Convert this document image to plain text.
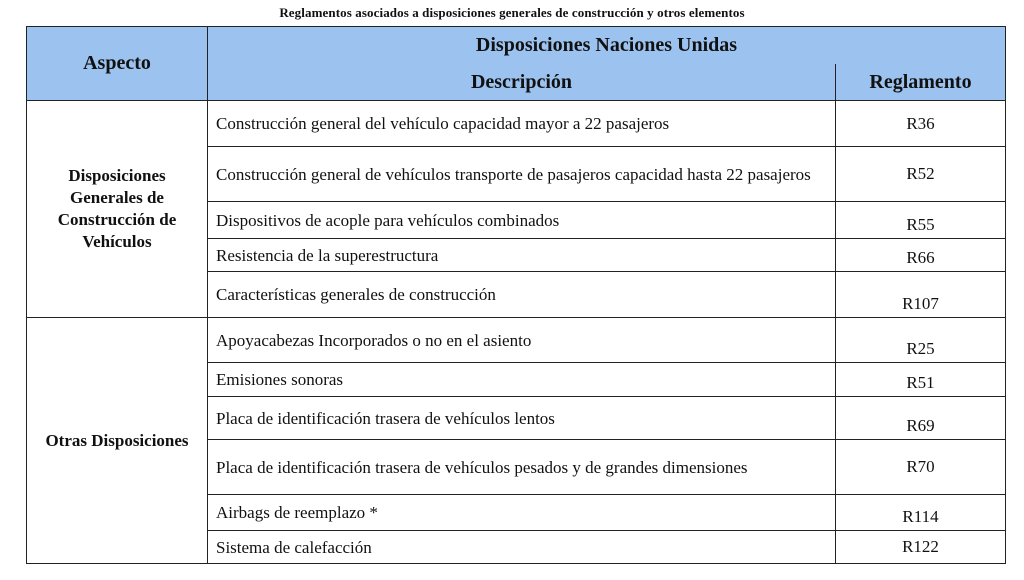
Reglamentos asociados a disposiciones generales de construcción y otros elementos
Aspecto	Disposiciones Naciones Unidas	
	Descripción	Reglamento
Disposiciones Generales de Construcción de Vehículos	Construcción general del vehículo capacidad mayor a 22 pasajeros	R36
	Construcción general de vehículos transporte de pasajeros capacidad hasta 22 pasajeros	R52
	Dispositivos de acople para vehículos combinados	R55
	Resistencia de la superestructura	R66
	Características generales de construcción	R107
Otras Disposiciones	Apoyacabezas Incorporados o no en el asiento	R25
	Emisiones sonoras	R51
	Placa de identificación trasera de vehículos lentos	R69
	Placa de identificación trasera de vehículos pesados y de grandes dimensiones	R70
	Airbags de reemplazo *	R114
	Sistema de calefacción	R122
